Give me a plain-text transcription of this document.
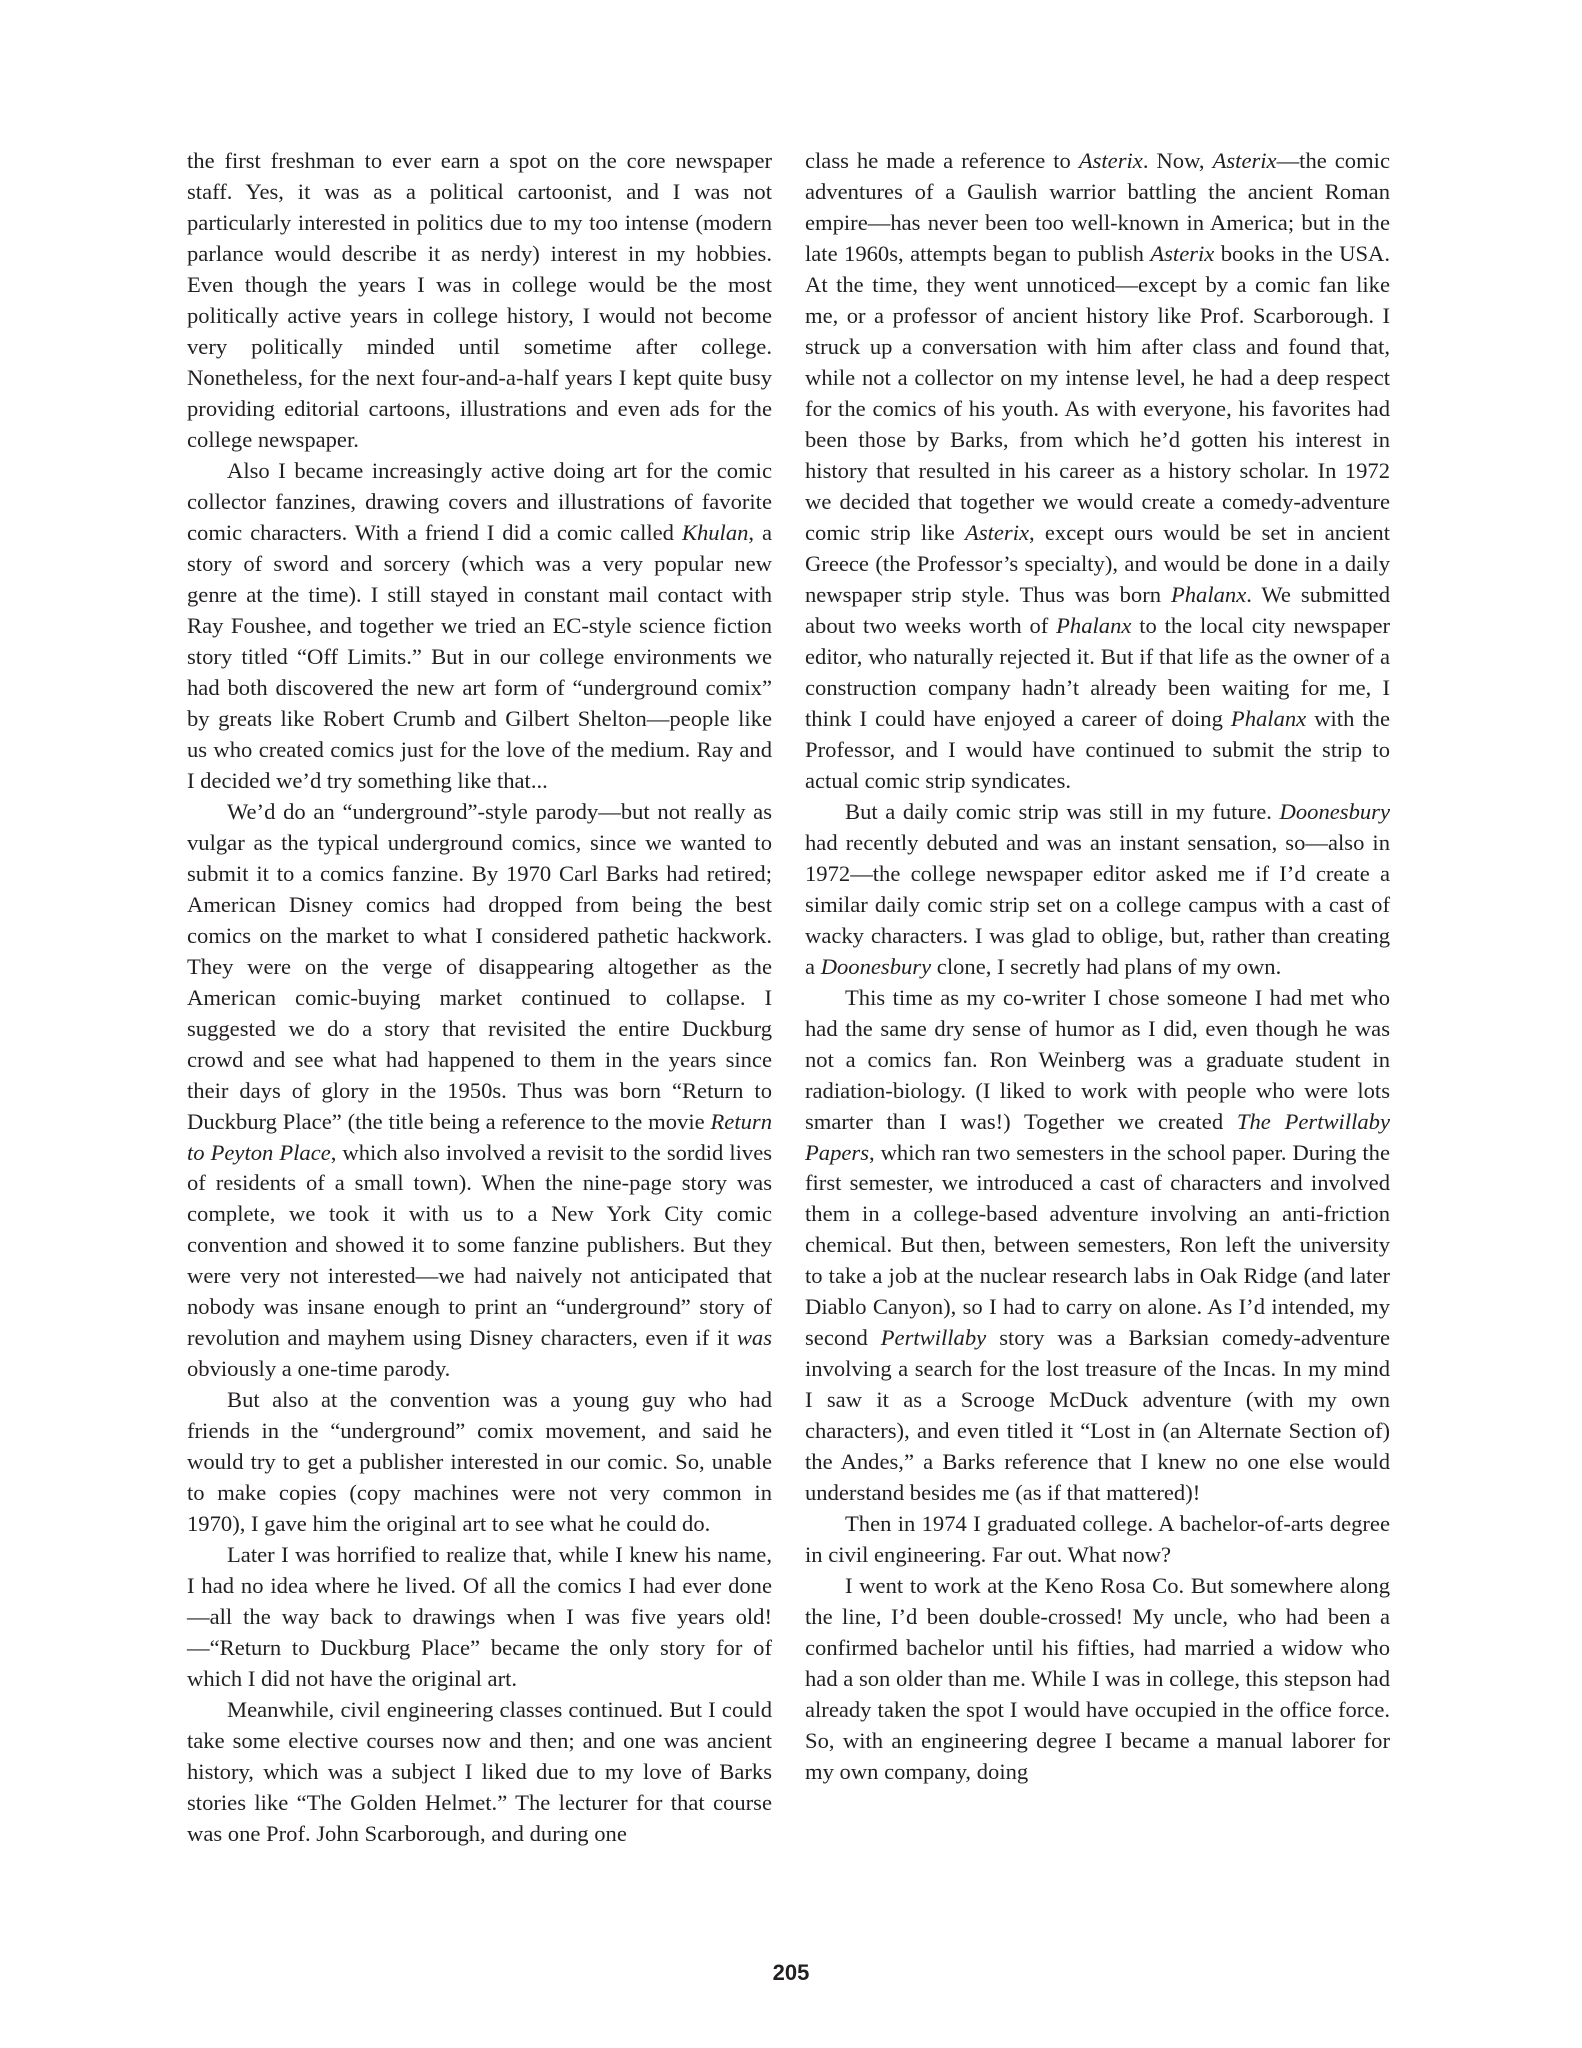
the first freshman to ever earn a spot on the core newspaper staff. Yes, it was as a political cartoonist, and I was not particularly interested in politics due to my too intense (modern parlance would describe it as nerdy) interest in my hobbies. Even though the years I was in college would be the most politically active years in college history, I would not become very politically minded until sometime after college. Nonetheless, for the next four-and-a-half years I kept quite busy providing editorial cartoons, illustrations and even ads for the college newspaper.

Also I became increasingly active doing art for the comic collector fanzines, drawing covers and illustrations of favorite comic characters. With a friend I did a comic called Khulan, a story of sword and sorcery (which was a very popular new genre at the time). I still stayed in constant mail contact with Ray Foushee, and together we tried an EC-style science fiction story titled “Off Limits.” But in our college environments we had both discovered the new art form of “underground comix” by greats like Robert Crumb and Gilbert Shelton—people like us who created comics just for the love of the medium. Ray and I decided we’d try something like that...

We’d do an “underground”-style parody—but not really as vulgar as the typical underground comics, since we wanted to submit it to a comics fanzine. By 1970 Carl Barks had retired; American Disney comics had dropped from being the best comics on the market to what I considered pathetic hackwork. They were on the verge of disappearing altogether as the American comic-buying market continued to collapse. I suggested we do a story that revisited the entire Duckburg crowd and see what had happened to them in the years since their days of glory in the 1950s. Thus was born “Return to Duckburg Place” (the title being a reference to the movie Return to Peyton Place, which also involved a revisit to the sordid lives of residents of a small town). When the nine-page story was complete, we took it with us to a New York City comic convention and showed it to some fanzine publishers. But they were very not interested—we had naively not anticipated that nobody was insane enough to print an “underground” story of revolution and mayhem using Disney characters, even if it was obviously a one-time parody.

But also at the convention was a young guy who had friends in the “underground” comix movement, and said he would try to get a publisher interested in our comic. So, unable to make copies (copy machines were not very common in 1970), I gave him the original art to see what he could do.

Later I was horrified to realize that, while I knew his name, I had no idea where he lived. Of all the comics I had ever done—all the way back to drawings when I was five years old!—“Return to Duckburg Place” became the only story for of which I did not have the original art.

Meanwhile, civil engineering classes continued. But I could take some elective courses now and then; and one was ancient history, which was a subject I liked due to my love of Barks stories like “The Golden Helmet.” The lecturer for that course was one Prof. John Scarborough, and during one

class he made a reference to Asterix. Now, Asterix—the comic adventures of a Gaulish warrior battling the ancient Roman empire—has never been too well-known in America; but in the late 1960s, attempts began to publish Asterix books in the USA. At the time, they went unnoticed—except by a comic fan like me, or a professor of ancient history like Prof. Scarborough. I struck up a conversation with him after class and found that, while not a collector on my intense level, he had a deep respect for the comics of his youth. As with everyone, his favorites had been those by Barks, from which he’d gotten his interest in history that resulted in his career as a history scholar. In 1972 we decided that together we would create a comedy-adventure comic strip like Asterix, except ours would be set in ancient Greece (the Professor’s specialty), and would be done in a daily newspaper strip style. Thus was born Phalanx. We submitted about two weeks worth of Phalanx to the local city newspaper editor, who naturally rejected it. But if that life as the owner of a construction company hadn’t already been waiting for me, I think I could have enjoyed a career of doing Phalanx with the Professor, and I would have continued to submit the strip to actual comic strip syndicates.

But a daily comic strip was still in my future. Doonesbury had recently debuted and was an instant sensation, so—also in 1972—the college newspaper editor asked me if I’d create a similar daily comic strip set on a college campus with a cast of wacky characters. I was glad to oblige, but, rather than creating a Doonesbury clone, I secretly had plans of my own.

This time as my co-writer I chose someone I had met who had the same dry sense of humor as I did, even though he was not a comics fan. Ron Weinberg was a graduate student in radiation-biology. (I liked to work with people who were lots smarter than I was!) Together we created The Pertwillaby Papers, which ran two semesters in the school paper. During the first semester, we introduced a cast of characters and involved them in a college-based adventure involving an anti-friction chemical. But then, between semesters, Ron left the university to take a job at the nuclear research labs in Oak Ridge (and later Diablo Canyon), so I had to carry on alone. As I’d intended, my second Pertwillaby story was a Barksian comedy-adventure involving a search for the lost treasure of the Incas. In my mind I saw it as a Scrooge McDuck adventure (with my own characters), and even titled it “Lost in (an Alternate Section of) the Andes,” a Barks reference that I knew no one else would understand besides me (as if that mattered)!

Then in 1974 I graduated college. A bachelor-of-arts degree in civil engineering. Far out. What now?

I went to work at the Keno Rosa Co. But somewhere along the line, I’d been double-crossed! My uncle, who had been a confirmed bachelor until his fifties, had married a widow who had a son older than me. While I was in college, this stepson had already taken the spot I would have occupied in the office force. So, with an engineering degree I became a manual laborer for my own company, doing

205
